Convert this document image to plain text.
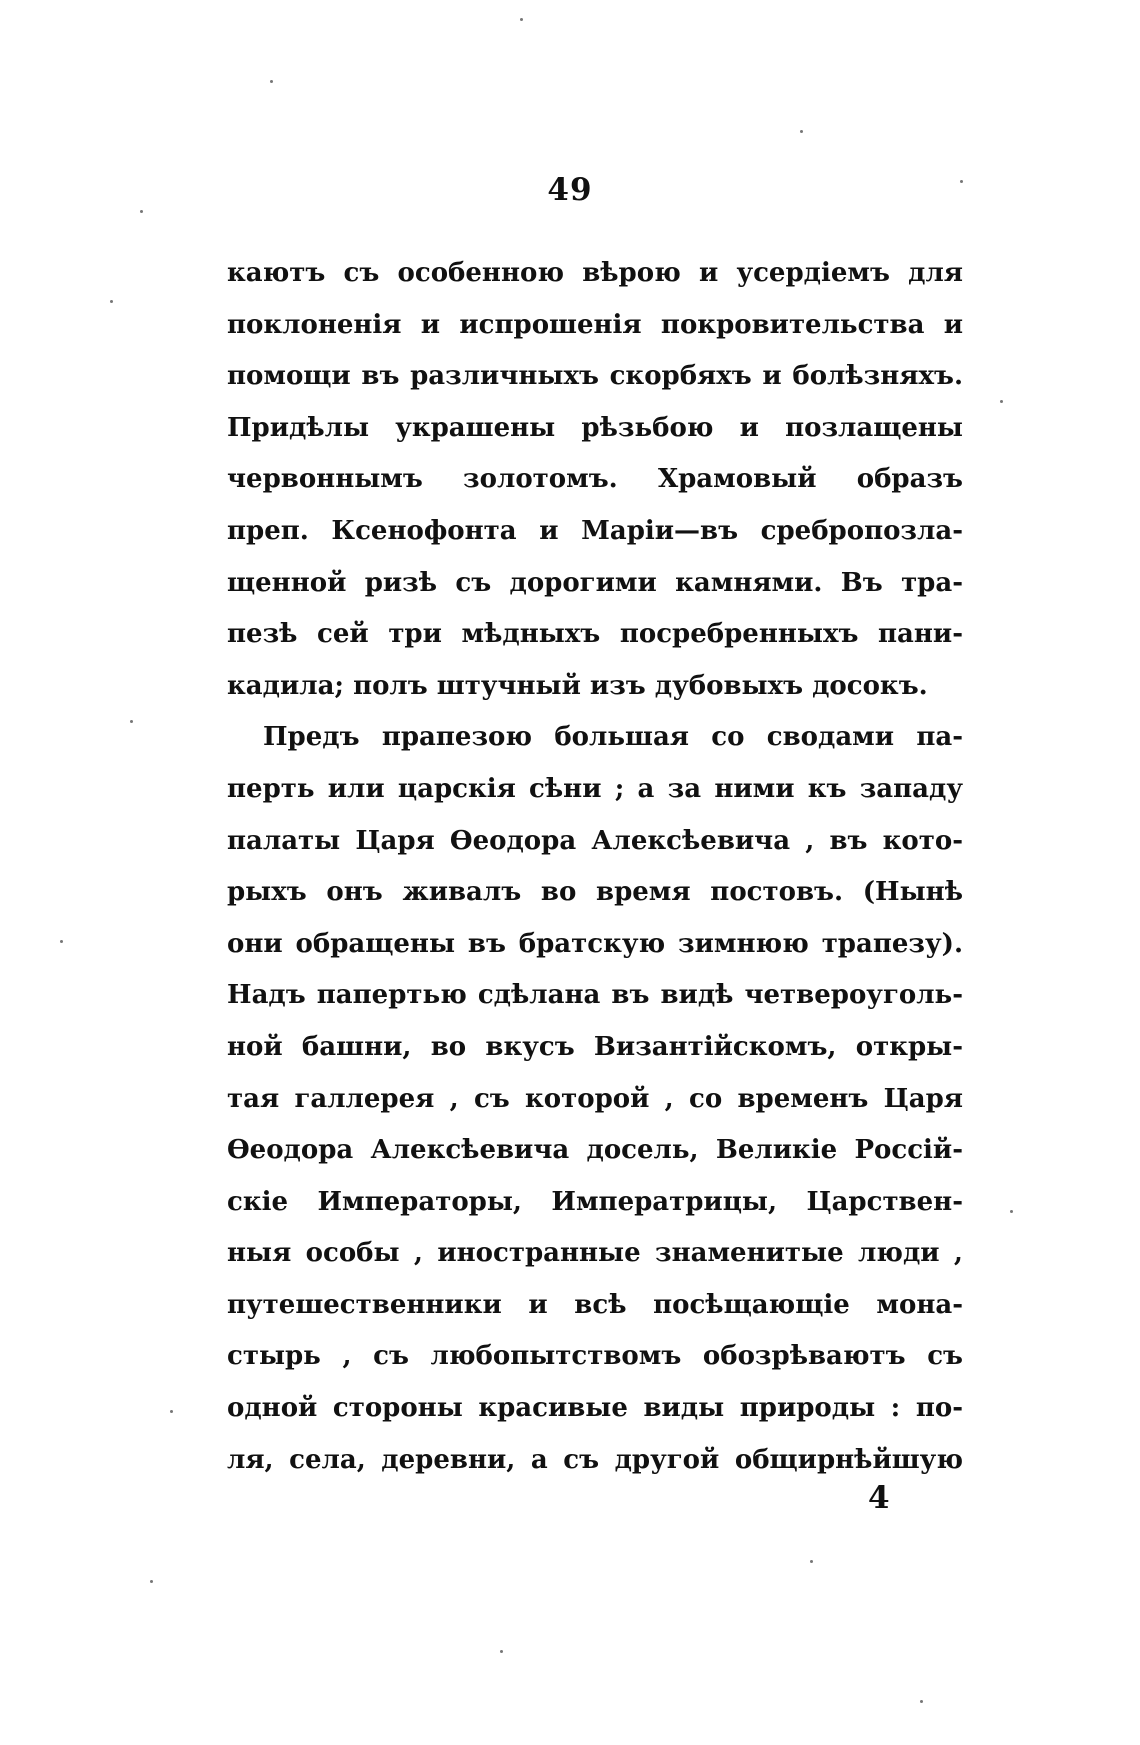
49
каютъ съ особенною вѣрою и усердіемъ для
поклоненія и испрошенія покровительства и
помощи въ различныхъ скорбяхъ и болѣзняхъ.
Придѣлы украшены рѣзьбою и позлащены
червоннымъ золотомъ. Храмовый образъ
преп. Ксенофонта и Маріи—въ сребропозла-
щенной ризѣ съ дорогими камнями. Въ тра-
пезѣ сей три мѣдныхъ посребренныхъ пани-
кадила; полъ штучный изъ дубовыхъ досокъ.
Предъ прапезою большая со сводами па-
перть или царскія сѣни ; а за ними къ западу
палаты Царя Ѳеодора Алексѣевича , въ кото-
рыхъ онъ живалъ во время постовъ. (Нынѣ
они обращены въ братскую зимнюю трапезу).
Надъ папертью сдѣлана въ видѣ четвероуголь-
ной башни, во вкусъ Византійскомъ, откры-
тая галлерея , съ которой , со временъ Царя
Ѳеодора Алексѣевича досель, Великіе Россій-
скіе Императоры, Императрицы, Царствен-
ныя особы , иностранные знаменитые люди ,
путешественники и всѣ посѣщающіе мона-
стырь , съ любопытствомъ обозрѣваютъ съ
одной стороны красивые виды природы : по-
ля, села, деревни, а съ другой общирнѣйшую
4
